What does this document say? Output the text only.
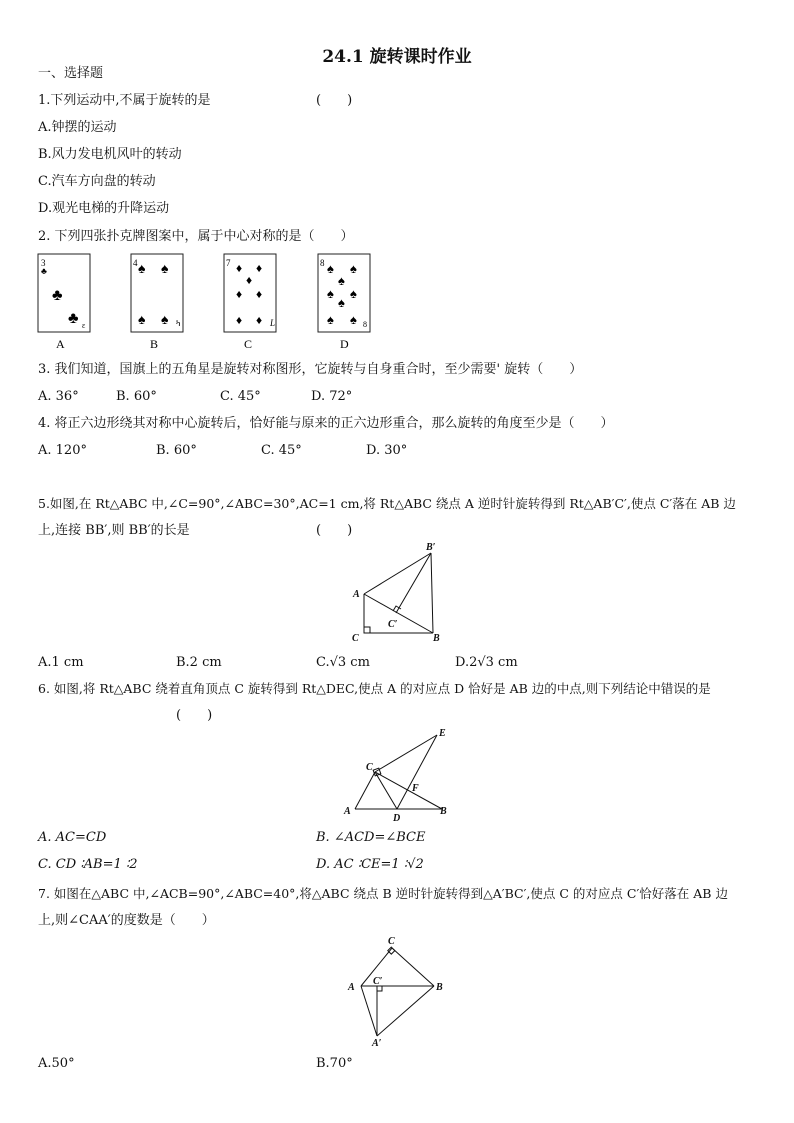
24.1 旋转课时作业
一、选择题
1.下列运动中,不属于旋转的是	(　　)
A.钟摆的运动
B.风力发电机风叶的转动
C.汽车方向盘的转动
D.观光电梯的升降运动
2. 下列四张扑克牌图案中，属于中心对称的是（　　）
3
♣
♣
♣ ε
A
4 ♠ ♠
♠ ♠ ካ
B
7 ♦ ♦
♦
♦ ♦
♦ ♦ L
C
8 ♠ ♠
♠ ♠
♠
♠
♠ ♠ 8
D
3. 我们知道，国旗上的五角星是旋转对称图形，它旋转与自身重合时，至少需要' 旋转（　　）
A. 36°	B. 60°	C. 45°	D. 72°
4. 将正六边形绕其对称中心旋转后，恰好能与原来的正六边形重合，那么旋转的角度至少是（　　）
A. 120°	B. 60°	C. 45°	D. 30°
5.如图,在 Rt△ABC 中,∠C=90°,∠ABC=30°,AC=1 cm,将 Rt△ABC 绕点 A 逆时针旋转得到 Rt△AB′C′,使点 C′落在 AB 边
上,连接 BB′,则 BB′的长是	(　　)
B′
A
C′
C	B
A.1 cm	B.2 cm	C.√3 cm	D.2√3 cm
6. 如图,将 Rt△ABC 绕着直角顶点 C 旋转得到 Rt△DEC,使点 A 的对应点 D 恰好是 AB 边的中点,则下列结论中错误的是
(　　)
E
C
F
A
D
B
A. AC=CD	B. ∠ACD=∠BCE
C. CD ∶AB=1 ∶2	D. AC ∶CE=1 ∶√2
7. 如图在△ABC 中,∠ACB=90°,∠ABC=40°,将△ABC 绕点 B 逆时针旋转得到△A′BC′,使点 C 的对应点 C′恰好落在 AB 边
上,则∠CAA′的度数是（　　）
C
A
C′
B
A′
A.50°	B.70°
